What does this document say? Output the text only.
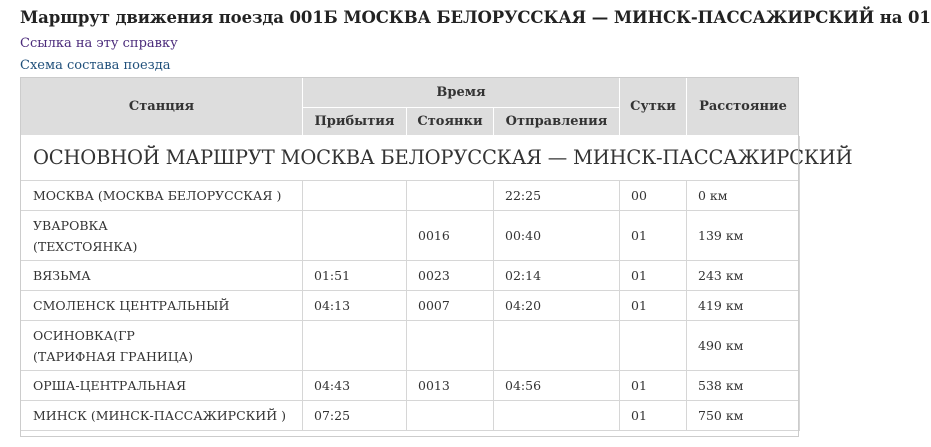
Маршрут движения поезда 001Б МОСКВА БЕЛОРУССКАЯ — МИНСК-ПАССАЖИРСКИЙ на 01
Ссылка на эту справку
Схема состава поезда
Станция	Время			Сутки	Расстояние
	Прибытия	Стоянки	Отправления		
ОСНОВНОЙ МАРШРУТ МОСКВА БЕЛОРУССКАЯ — МИНСК-ПАССАЖИРСКИЙ					

МОСКВА (МОСКВА БЕЛОРУССКАЯ )			22:25	00	0 км

УВАРОВКА
(ТЕХСТОЯНКА)		0016	00:40	01	139 км

ВЯЗЬМА	01:51	0023	02:14	01	243 км

СМОЛЕНСК ЦЕНТРАЛЬНЫЙ	04:13	0007	04:20	01	419 км

ОСИНОВКА(ГР
(ТАРИФНАЯ ГРАНИЦА)					490 км

ОРША-ЦЕНТРАЛЬНАЯ	04:43	0013	04:56	01	538 км

МИНСК (МИНСК-ПАССАЖИРСКИЙ )	07:25			01	750 км
